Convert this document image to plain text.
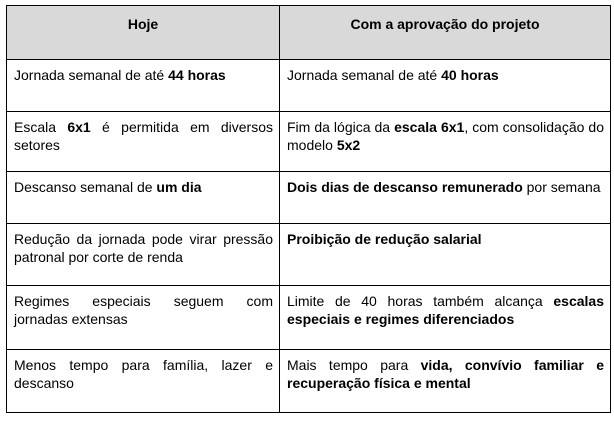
Hoje	Com a aprovação do projeto
Jornada semanal de até 44 horas	Jornada semanal de até 40 horas
Escala 6x1 é permitida em diversos setores	Fim da lógica da escala 6x1, com consolidação do modelo 5x2
Descanso semanal de um dia	Dois dias de descanso remunerado por semana
Redução da jornada pode virar pressão patronal por corte de renda	Proibição de redução salarial
Regimes especiais seguem com jornadas extensas	Limite de 40 horas também alcança escalas especiais e regimes diferenciados
Menos tempo para família, lazer e descanso	Mais tempo para vida, convívio familiar e recuperação física e mental
